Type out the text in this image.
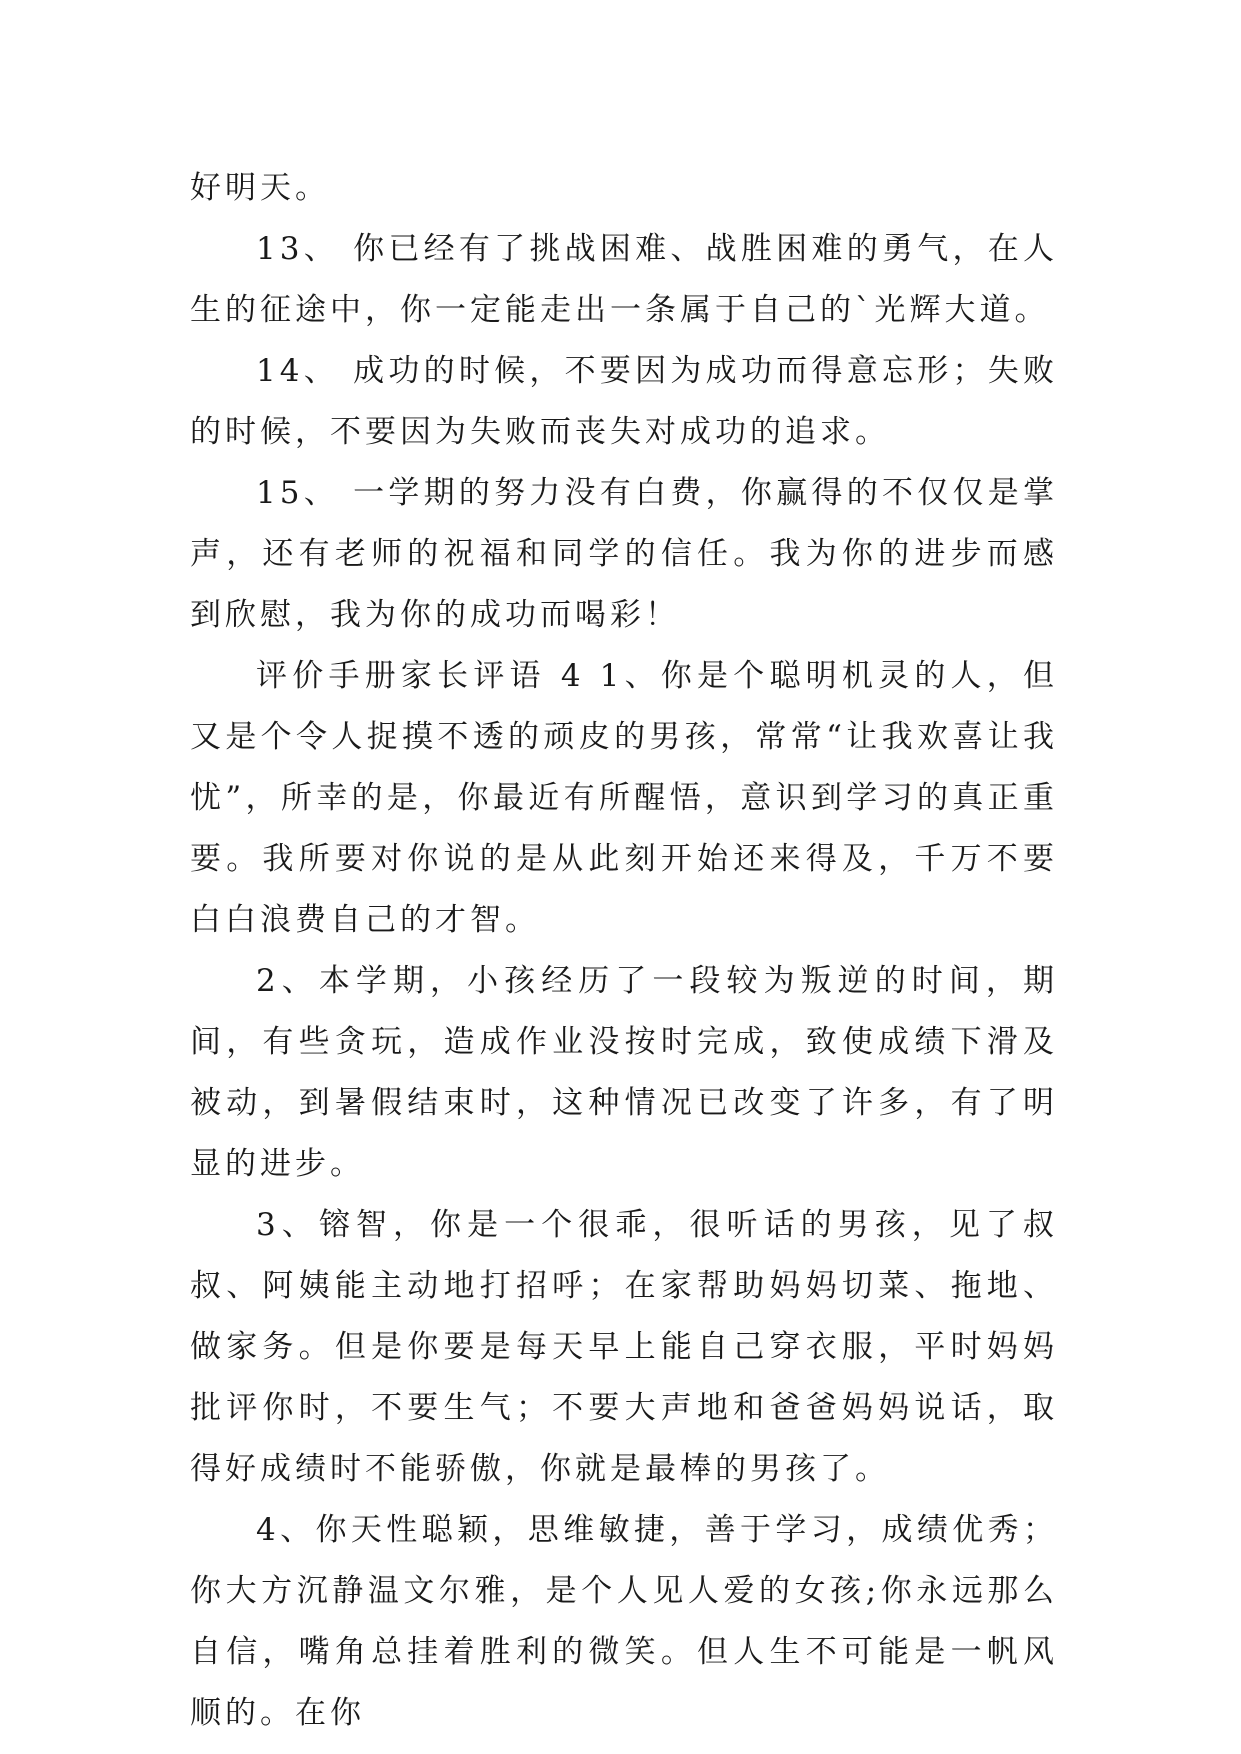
好明天。

13、 你已经有了挑战困难、战胜困难的勇气，在人生的征途中，你一定能走出一条属于自己的`光辉大道。

14、 成功的时候，不要因为成功而得意忘形；失败的时候，不要因为失败而丧失对成功的追求。

15、 一学期的努力没有白费，你赢得的不仅仅是掌声，还有老师的祝福和同学的信任。我为你的进步而感到欣慰，我为你的成功而喝彩！

评价手册家长评语 4 1、你是个聪明机灵的人，但又是个令人捉摸不透的顽皮的男孩，常常“让我欢喜让我忧”，所幸的是，你最近有所醒悟，意识到学习的真正重要。我所要对你说的是从此刻开始还来得及，千万不要白白浪费自己的才智。

2、本学期，小孩经历了一段较为叛逆的时间，期间，有些贪玩，造成作业没按时完成，致使成绩下滑及被动，到暑假结束时，这种情况已改变了许多，有了明显的进步。

3、镕智，你是一个很乖，很听话的男孩，见了叔叔、阿姨能主动地打招呼；在家帮助妈妈切菜、拖地、做家务。但是你要是每天早上能自己穿衣服，平时妈妈批评你时，不要生气；不要大声地和爸爸妈妈说话，取得好成绩时不能骄傲，你就是最棒的男孩了。

4、你天性聪颖，思维敏捷，善于学习，成绩优秀；你大方沉静温文尔雅，是个人见人爱的女孩;你永远那么自信，嘴角总挂着胜利的微笑。但人生不可能是一帆风顺的。在你
